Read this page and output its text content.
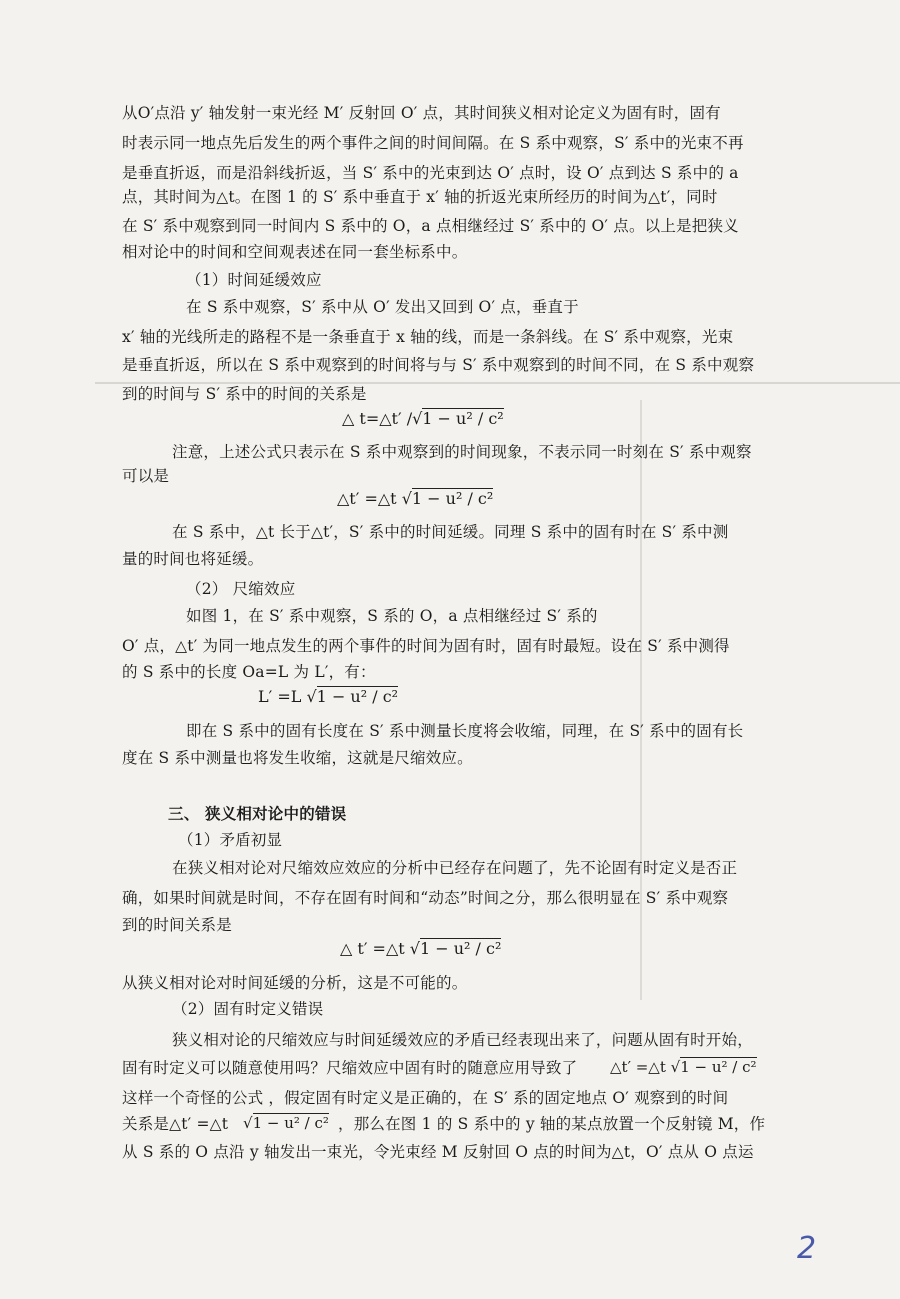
从O′点沿 y′ 轴发射一束光经 M′ 反射回 O′ 点，其时间狭义相对论定义为固有时，固有
时表示同一地点先后发生的两个事件之间的时间间隔。在 S 系中观察，S′ 系中的光束不再
是垂直折返，而是沿斜线折返，当 S′ 系中的光束到达 O′ 点时，设 O′ 点到达 S 系中的 a
点，其时间为△t。在图 1 的 S′ 系中垂直于 x′ 轴的折返光束所经历的时间为△t′，同时
在 S′ 系中观察到同一时间内 S 系中的 O，a 点相继经过 S′ 系中的 O′ 点。以上是把狭义
相对论中的时间和空间观表述在同一套坐标系中。
（1）时间延缓效应
在 S 系中观察，S′ 系中从 O′ 发出又回到 O′ 点，垂直于
x′ 轴的光线所走的路程不是一条垂直于 x 轴的线，而是一条斜线。在 S′ 系中观察，光束
是垂直折返，所以在 S 系中观察到的时间将与与 S′ 系中观察到的时间不同，在 S 系中观察
到的时间与 S′ 系中的时间的关系是
△ t=△t′ /√1 − u² / c²
注意，上述公式只表示在 S 系中观察到的时间现象，不表示同一时刻在 S′ 系中观察
可以是
△t′ =△t √1 − u² / c²
在 S 系中，△t 长于△t′，S′ 系中的时间延缓。同理 S 系中的固有时在 S′ 系中测
量的时间也将延缓。
（2） 尺缩效应
如图 1，在 S′ 系中观察，S 系的 O，a 点相继经过 S′ 系的
O′ 点，△t′ 为同一地点发生的两个事件的时间为固有时，固有时最短。设在 S′ 系中测得
的 S 系中的长度 Oa=L 为 L′，有：
L′ =L √1 − u² / c²
即在 S 系中的固有长度在 S′ 系中测量长度将会收缩，同理，在 S′ 系中的固有长
度在 S 系中测量也将发生收缩，这就是尺缩效应。
三、 狭义相对论中的错误
（1）矛盾初显
在狭义相对论对尺缩效应效应的分析中已经存在问题了，先不论固有时定义是否正
确，如果时间就是时间，不存在固有时间和“动态”时间之分，那么很明显在 S′ 系中观察
到的时间关系是
△ t′ =△t √1 − u² / c²
从狭义相对论对时间延缓的分析，这是不可能的。
（2）固有时定义错误
狭义相对论的尺缩效应与时间延缓效应的矛盾已经表现出来了，问题从固有时开始，
固有时定义可以随意使用吗？尺缩效应中固有时的随意应用导致了 △t′ =△t √1 − u² / c²
这样一个奇怪的公式 ，假定固有时定义是正确的，在 S′ 系的固定地点 O′ 观察到的时间
关系是△t′ =△t √1 − u² / c² ，那么在图 1 的 S 系中的 y 轴的某点放置一个反射镜 M，作
从 S 系的 O 点沿 y 轴发出一束光，令光束经 M 反射回 O 点的时间为△t，O′ 点从 O 点运
2
